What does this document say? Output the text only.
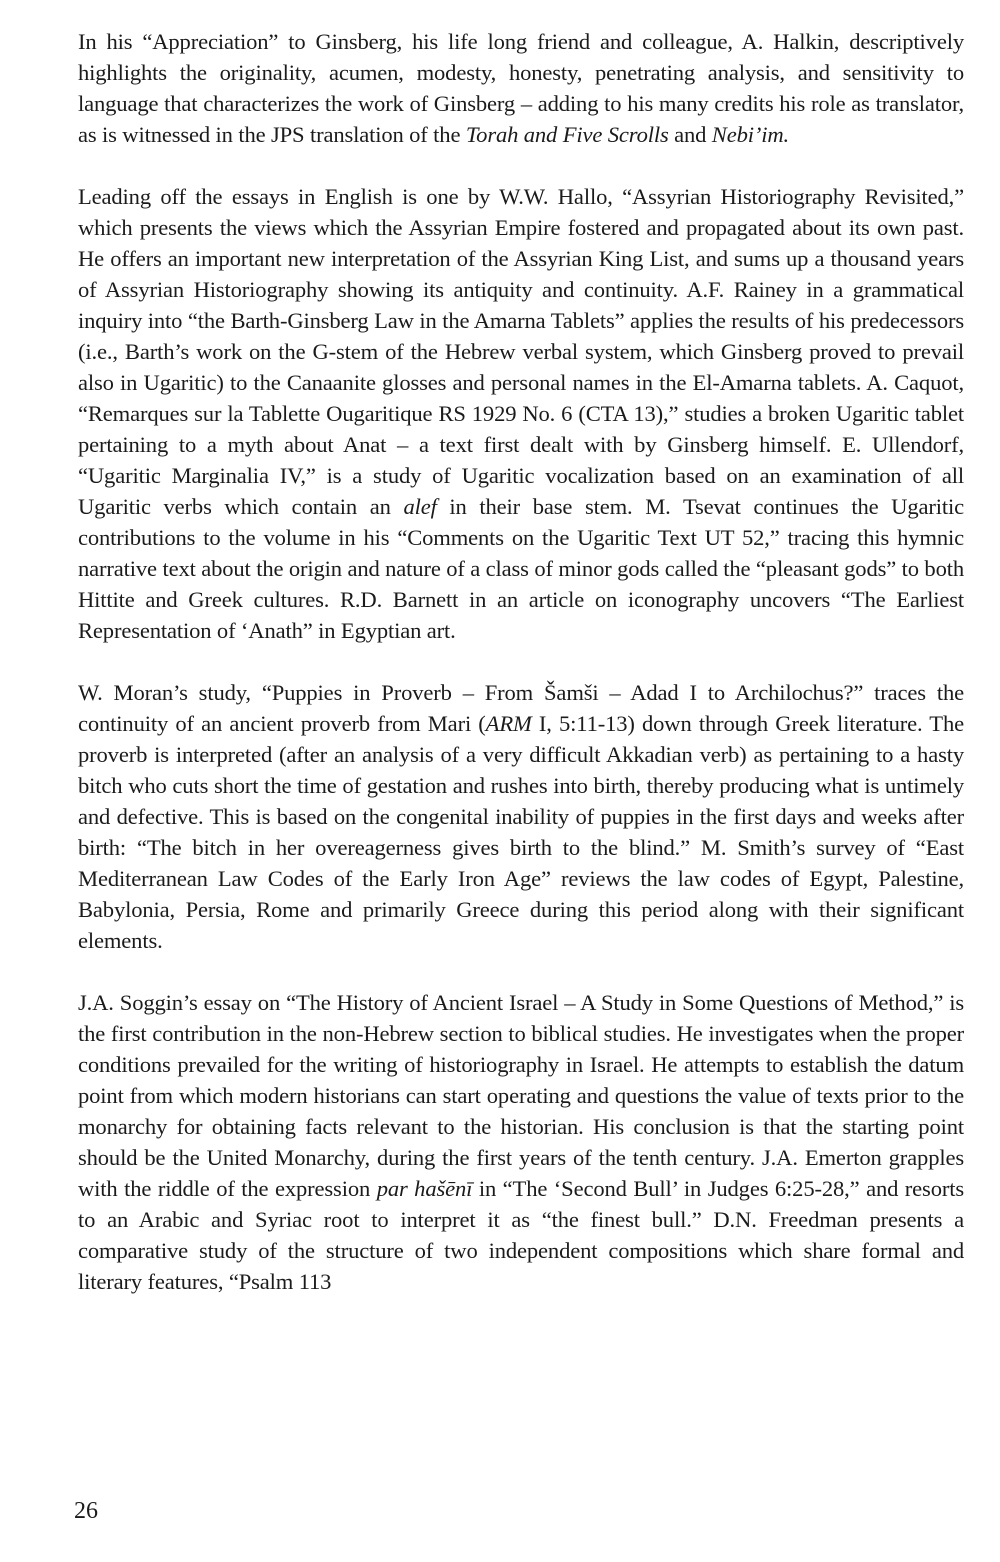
In his “Appreciation” to Ginsberg, his life long friend and colleague, A. Halkin, descriptively highlights the originality, acumen, modesty, honesty, penetrating analysis, and sensitivity to language that characterizes the work of Ginsberg – adding to his many credits his role as translator, as is witnessed in the JPS translation of the Torah and Five Scrolls and Nebi’im.

Leading off the essays in English is one by W.W. Hallo, “Assyrian Historiography Revisited,” which presents the views which the Assyrian Empire fostered and propagated about its own past. He offers an important new interpretation of the Assyrian King List, and sums up a thousand years of Assyrian Historiography showing its antiquity and continuity. A.F. Rainey in a grammatical inquiry into “the Barth-Ginsberg Law in the Amarna Tablets” applies the results of his predecessors (i.e., Barth’s work on the G-stem of the Hebrew verbal system, which Ginsberg proved to prevail also in Ugaritic) to the Canaanite glosses and personal names in the El-Amarna tablets. A. Caquot, “Remarques sur la Tablette Ougaritique RS 1929 No. 6 (CTA 13),” studies a broken Ugaritic tablet pertaining to a myth about Anat – a text first dealt with by Ginsberg himself. E. Ullendorf, “Ugaritic Marginalia IV,” is a study of Ugaritic vocalization based on an examination of all Ugaritic verbs which contain an alef in their base stem. M. Tsevat continues the Ugaritic contributions to the volume in his “Comments on the Ugaritic Text UT 52,” tracing this hymnic narrative text about the origin and nature of a class of minor gods called the “pleasant gods” to both Hittite and Greek cultures. R.D. Barnett in an article on iconography uncovers “The Earliest Representation of ‘Anath” in Egyptian art.

W. Moran’s study, “Puppies in Proverb – From Šamši – Adad I to Archilochus?” traces the continuity of an ancient proverb from Mari (ARM I, 5:11-13) down through Greek literature. The proverb is interpreted (after an analysis of a very difficult Akkadian verb) as pertaining to a hasty bitch who cuts short the time of gestation and rushes into birth, thereby producing what is untimely and defective. This is based on the congenital inability of puppies in the first days and weeks after birth: “The bitch in her overeagerness gives birth to the blind.” M. Smith’s survey of “East Mediterranean Law Codes of the Early Iron Age” reviews the law codes of Egypt, Palestine, Babylonia, Persia, Rome and primarily Greece during this period along with their significant elements.

J.A. Soggin’s essay on “The History of Ancient Israel – A Study in Some Questions of Method,” is the first contribution in the non-Hebrew section to biblical studies. He investigates when the proper conditions prevailed for the writing of historiography in Israel. He attempts to establish the datum point from which modern historians can start operating and questions the value of texts prior to the monarchy for obtaining facts relevant to the historian. His conclusion is that the starting point should be the United Monarchy, during the first years of the tenth century. J.A. Emerton grapples with the riddle of the expression par hašēnī in “The ‘Second Bull’ in Judges 6:25-28,” and resorts to an Arabic and Syriac root to interpret it as “the finest bull.” D.N. Freedman presents a comparative study of the structure of two independent compositions which share formal and literary features, “Psalm 113

26
